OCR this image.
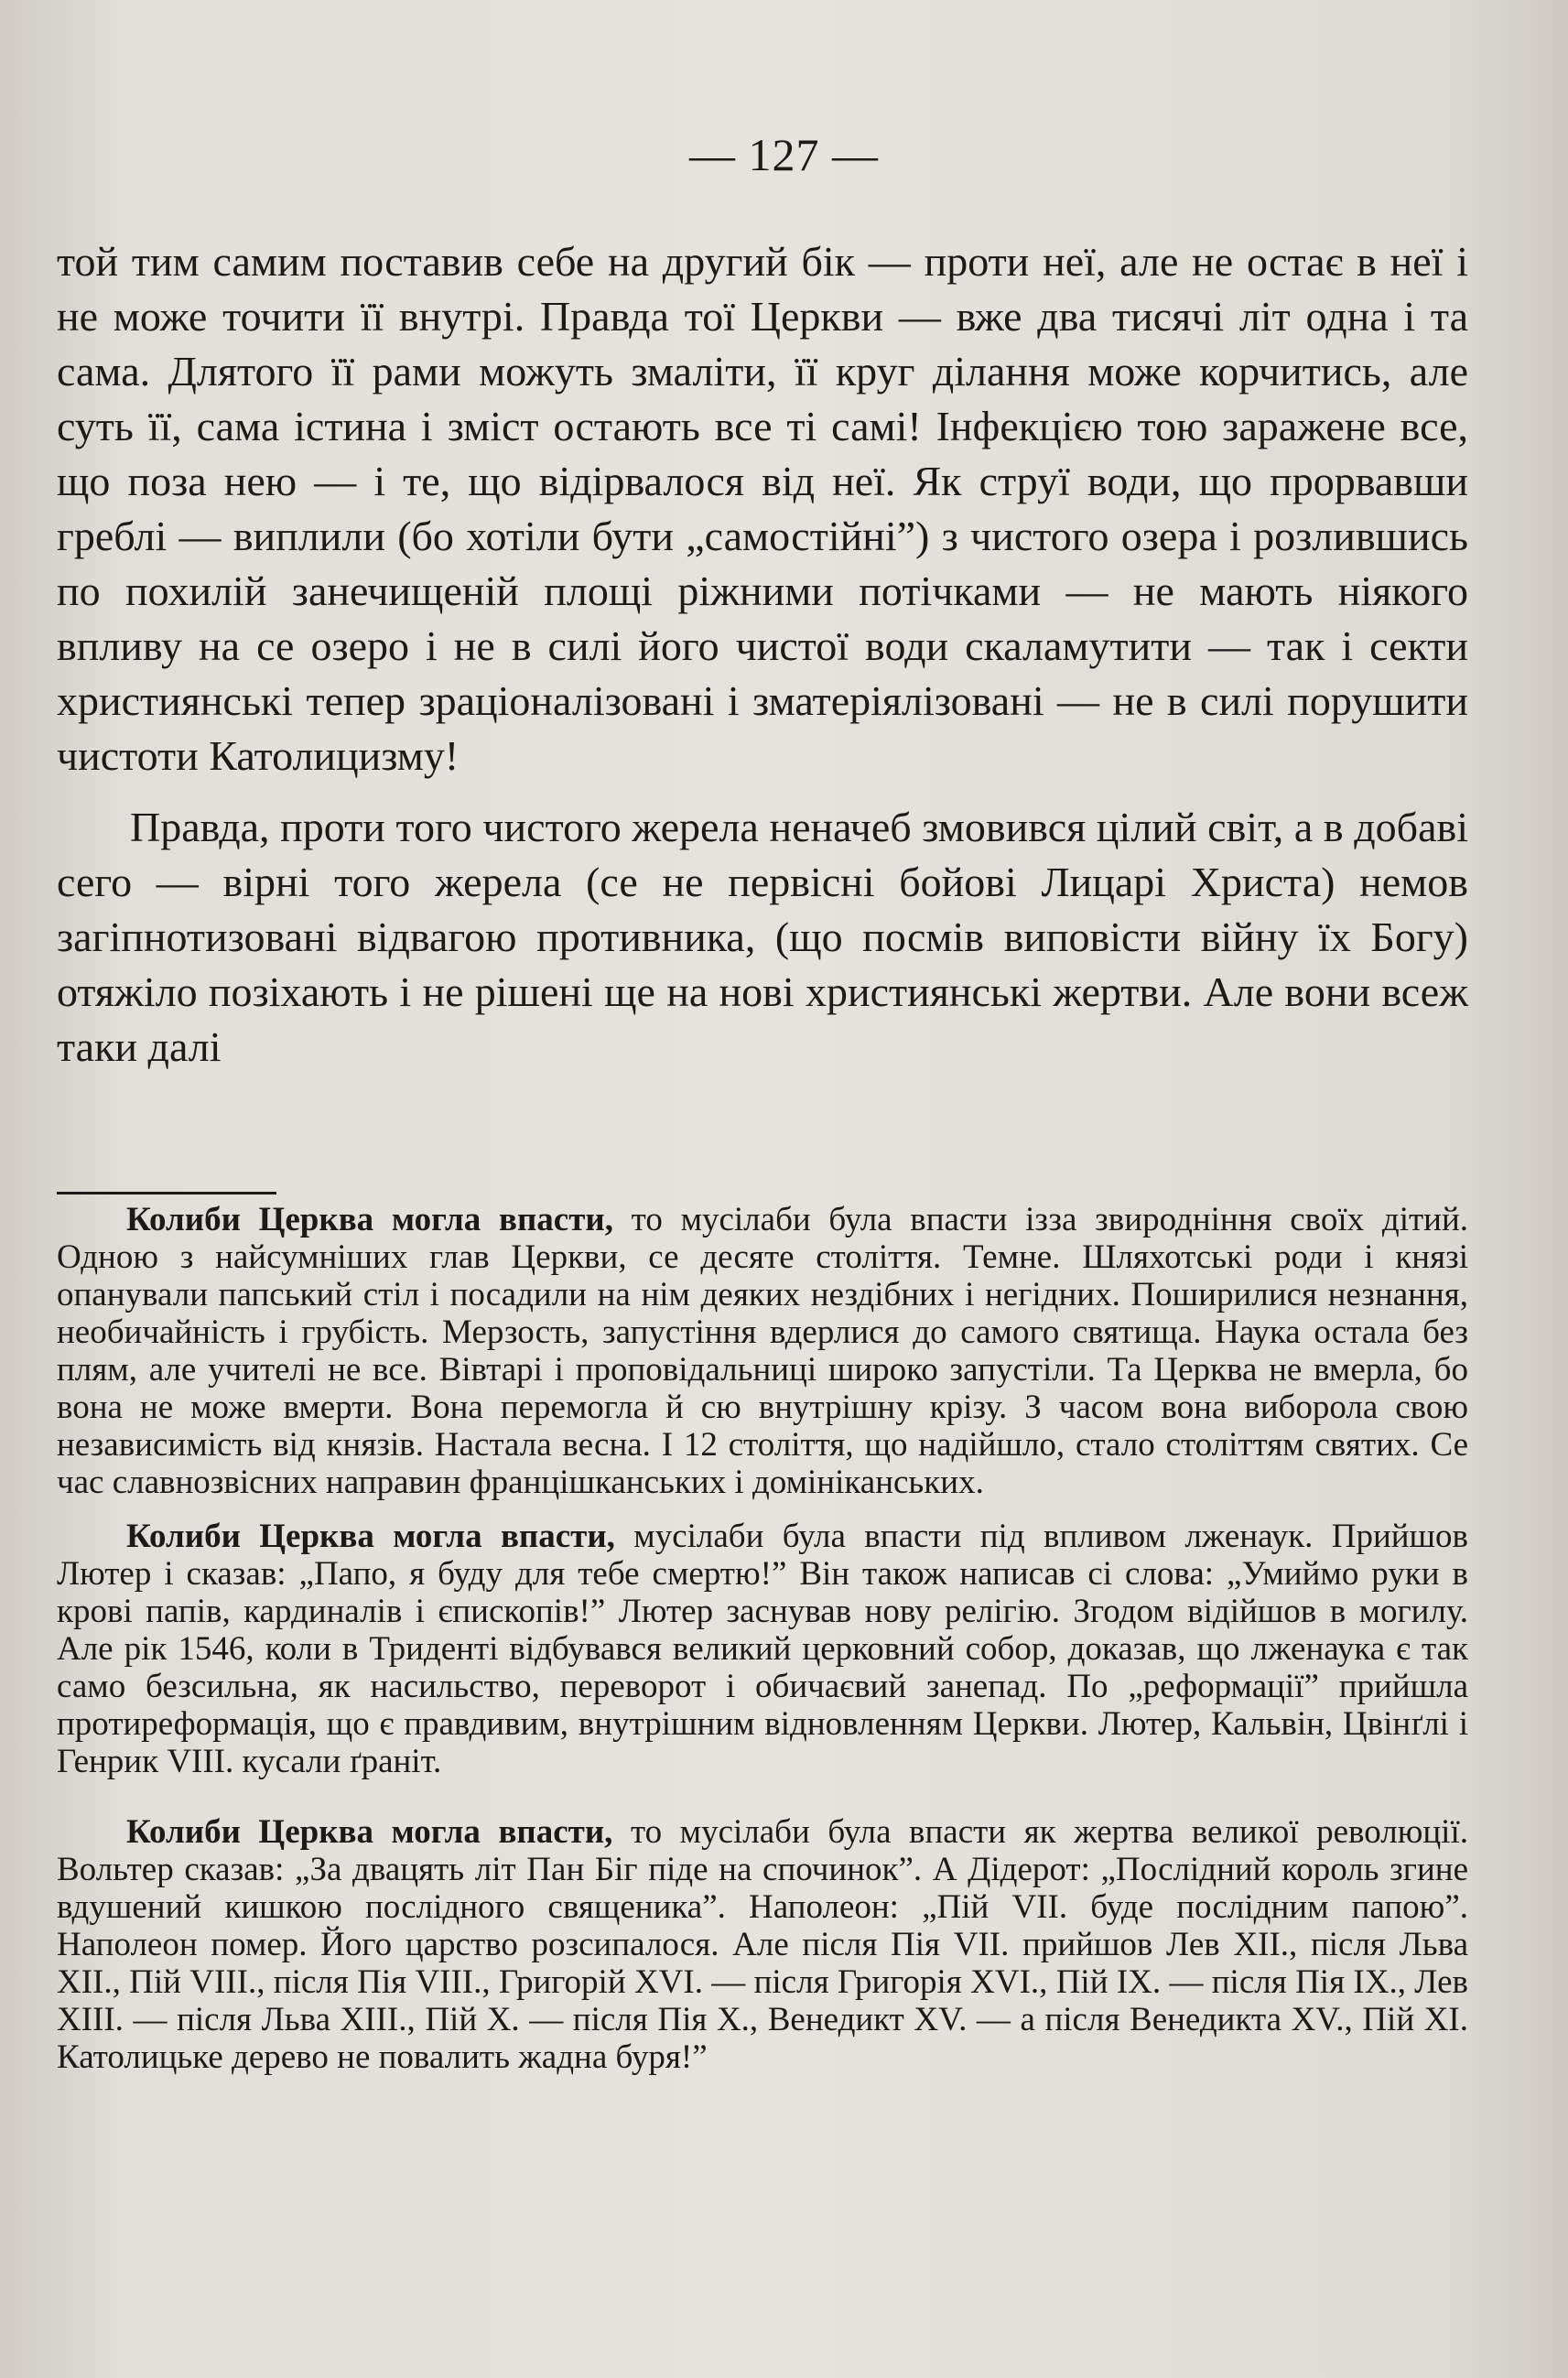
— 127 —

той тим самим поставив себе на другий бік — проти неї, але не остає в неї і не може точити її внутрі. Правда тої Церкви — вже два тисячі літ одна і та сама. Длятого її рами можуть змаліти, її круг ділання може корчитись, але суть її, сама істина і зміст остають все ті самі! Інфекцією тою заражене все, що поза нею — і те, що відірвалося від неї. Як струї води, що прорвавши греблі — виплили (бо хотіли бути „самостійні”) з чистого озера і розлившись по похилій занечищеній площі ріжними потічками — не мають ніякого впливу на се озеро і не в силі його чистої води скаламутити — так і секти християнські тепер зраціоналізовані і зматеріялізовані — не в силі порушити чистоти Католицизму!

Правда, проти того чистого жерела неначеб змовився цілий світ, а в добаві сего — вірні того жерела (се не первісні бойові Лицарі Христа) немов загіпнотизовані відвагою противника, (що посмів виповісти війну їх Богу) отяжіло позіхають і не рішені ще на нові християнські жертви. Але вони всеж таки далі

Колиби Церква могла впасти, то мусілаби була впасти ізза звиродніння своїх дітий. Одною з найсумніших глав Церкви, се десяте століття. Темне. Шляхотські роди і князі опанували папський стіл і посадили на нім деяких нездібних і негідних. Поширилися незнання, необичайність і грубість. Мерзость, запустіння вдерлися до самого святища. Наука остала без плям, але учителі не все. Вівтарі і проповідальниці широко запустіли. Та Церква не вмерла, бо вона не може вмерти. Вона перемогла й сю внутрішну крізу. З часом вона виборола свою независимість від князів. Настала весна. І 12 століття, що надійшло, стало століттям святих. Се час славнозвісних направин францішканських і домініканських.

Колиби Церква могла впасти, мусілаби була впасти під впливом лженаук. Прийшов Лютер і сказав: „Папо, я буду для тебе смертю!” Він також написав сі слова: „Умиймо руки в крові папів, кардиналів і єпископів!” Лютер заснував нову релігію. Згодом відійшов в могилу. Але рік 1546, коли в Триденті відбувався великий церковний собор, доказав, що лженаука є так само безсильна, як насильство, переворот і обичаєвий занепад. По „реформації” прийшла протиреформація, що є правдивим, внутрішним відновленням Церкви. Лютер, Кальвін, Цвінґлі і Генрик VIII. кусали ґраніт.

Колиби Церква могла впасти, то мусілаби була впасти як жертва великої революції. Вольтер сказав: „За двацять літ Пан Біг піде на спочинок”. А Дідерот: „Послідний король згине вдушений кишкою послідного священика”. Наполеон: „Пій VII. буде послідним папою”. Наполеон помер. Його царство розсипалося. Але після Пія VII. прийшов Лев XII., після Льва XII., Пій VIII., після Пія VIII., Григорій XVI. — після Григорія XVI., Пій IX. — після Пія IX., Лев XIII. — після Льва XIII., Пій X. — після Пія X., Венедикт XV. — а після Венедикта XV., Пій XI. Католицьке дерево не повалить жадна буря!”
